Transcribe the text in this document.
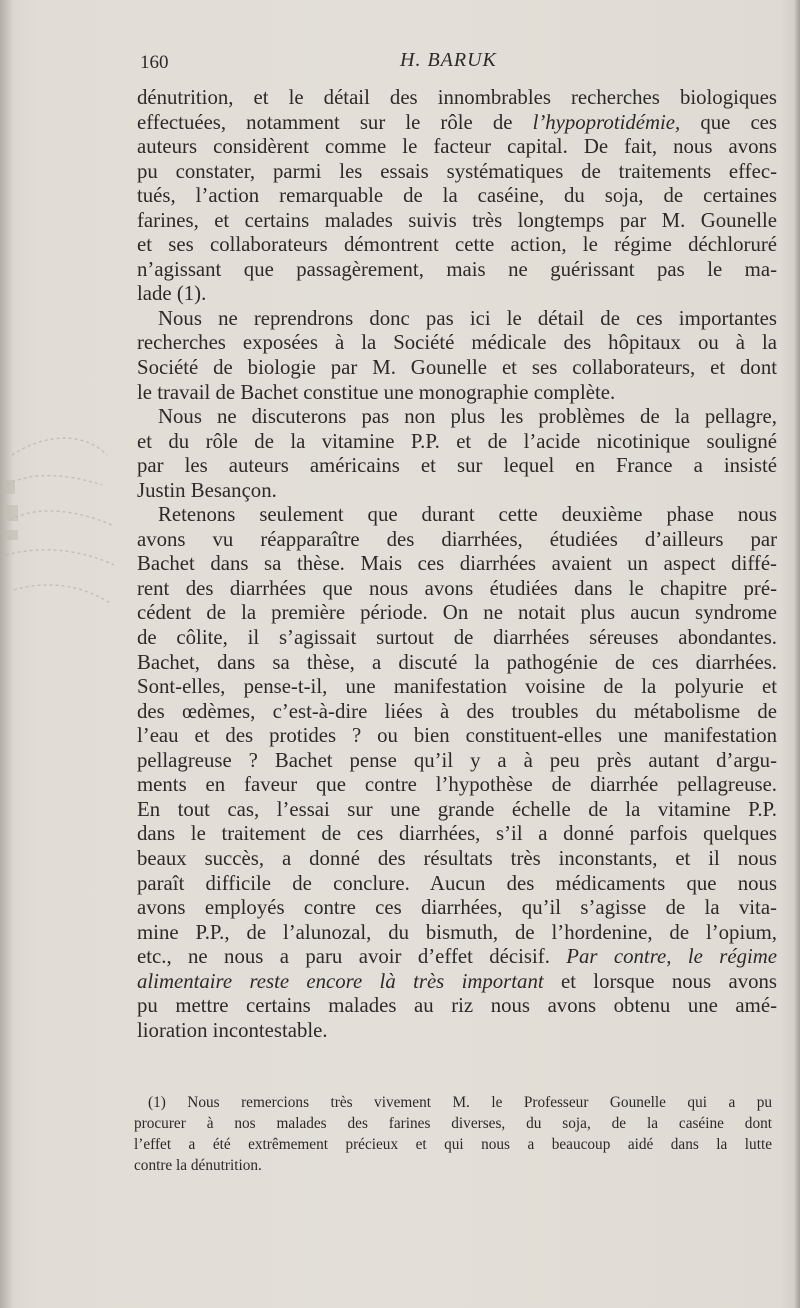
160	H. BARUK
dénutrition, et le détail des innombrables recherches biologiques
effectuées, notamment sur le rôle de l’hypoprotidémie, que ces
auteurs considèrent comme le facteur capital. De fait, nous avons
pu constater, parmi les essais systématiques de traitements effec-
tués, l’action remarquable de la caséine, du soja, de certaines
farines, et certains malades suivis très longtemps par M. Gounelle
et ses collaborateurs démontrent cette action, le régime déchloruré
n’agissant que passagèrement, mais ne guérissant pas le ma-
lade (1).
Nous ne reprendrons donc pas ici le détail de ces importantes
recherches exposées à la Société médicale des hôpitaux ou à la
Société de biologie par M. Gounelle et ses collaborateurs, et dont
le travail de Bachet constitue une monographie complète.
Nous ne discuterons pas non plus les problèmes de la pellagre,
et du rôle de la vitamine P.P. et de l’acide nicotinique souligné
par les auteurs américains et sur lequel en France a insisté
Justin Besançon.
Retenons seulement que durant cette deuxième phase nous
avons vu réapparaître des diarrhées, étudiées d’ailleurs par
Bachet dans sa thèse. Mais ces diarrhées avaient un aspect diffé-
rent des diarrhées que nous avons étudiées dans le chapitre pré-
cédent de la première période. On ne notait plus aucun syndrome
de côlite, il s’agissait surtout de diarrhées séreuses abondantes.
Bachet, dans sa thèse, a discuté la pathogénie de ces diarrhées.
Sont-elles, pense-t-il, une manifestation voisine de la polyurie et
des œdèmes, c’est-à-dire liées à des troubles du métabolisme de
l’eau et des protides ? ou bien constituent-elles une manifestation
pellagreuse ? Bachet pense qu’il y a à peu près autant d’argu-
ments en faveur que contre l’hypothèse de diarrhée pellagreuse.
En tout cas, l’essai sur une grande échelle de la vitamine P.P.
dans le traitement de ces diarrhées, s’il a donné parfois quelques
beaux succès, a donné des résultats très inconstants, et il nous
paraît difficile de conclure. Aucun des médicaments que nous
avons employés contre ces diarrhées, qu’il s’agisse de la vita-
mine P.P., de l’alunozal, du bismuth, de l’hordenine, de l’opium,
etc., ne nous a paru avoir d’effet décisif. Par contre, le régime
alimentaire reste encore là très important et lorsque nous avons
pu mettre certains malades au riz nous avons obtenu une amé-
lioration incontestable.
(1) Nous remercions très vivement M. le Professeur Gounelle qui a pu
procurer à nos malades des farines diverses, du soja, de la caséine dont
l’effet a été extrêmement précieux et qui nous a beaucoup aidé dans la lutte
contre la dénutrition.
